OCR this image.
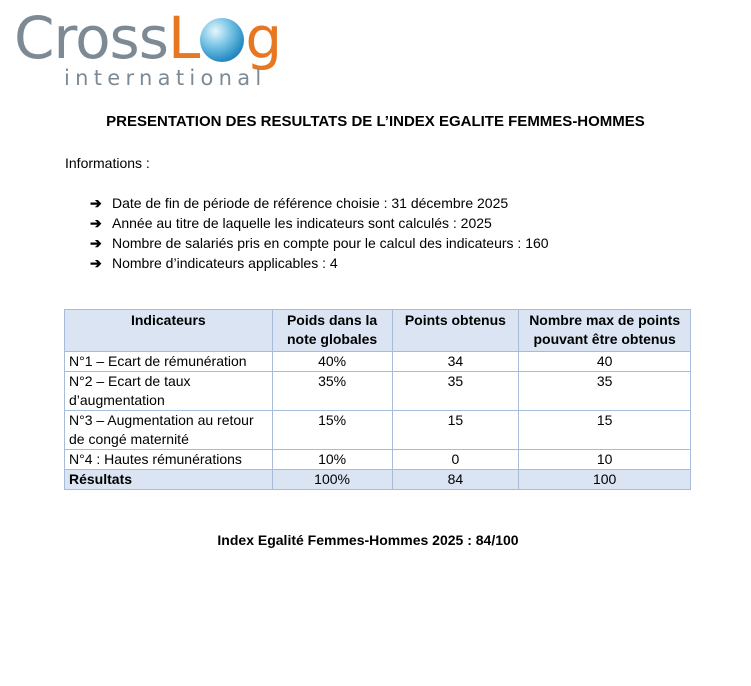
CrossL g
international
PRESENTATION DES RESULTATS DE L’INDEX EGALITE FEMMES-HOMMES
Informations :
➔ Date de fin de période de référence choisie : 31 décembre 2025
➔ Année au titre de laquelle les indicateurs sont calculés : 2025
➔ Nombre de salariés pris en compte pour le calcul des indicateurs : 160
➔ Nombre d’indicateurs applicables : 4
Indicateurs	Poids dans la note globales	Points obtenus	Nombre max de points pouvant être obtenus
N°1 – Ecart de rémunération	40%	34	40
N°2 – Ecart de taux d’augmentation	35%	35	35
N°3 – Augmentation au retour de congé maternité	15%	15	15
N°4 : Hautes rémunérations	10%	0	10
Résultats	100%	84	100
Index Egalité Femmes-Hommes 2025 : 84/100
